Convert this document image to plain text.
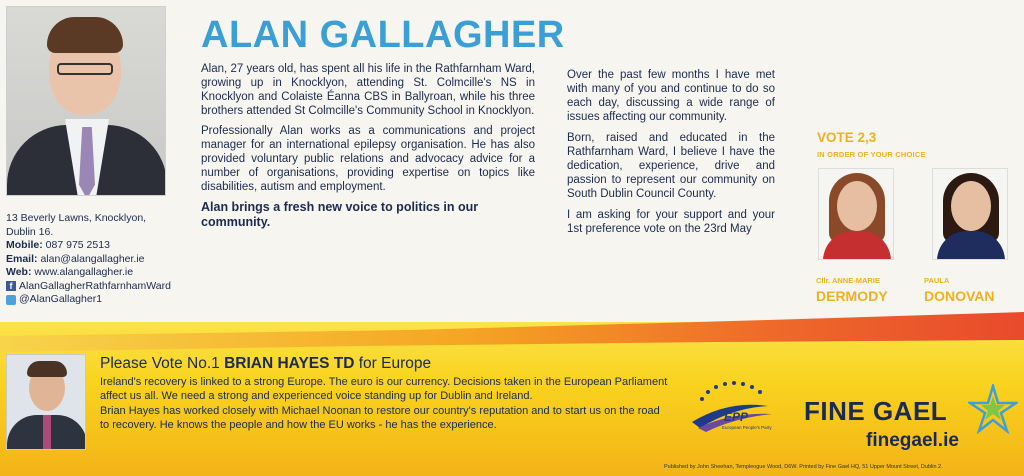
13 Beverly Lawns, Knocklyon,
Dublin 16.
Mobile: 087 975 2513
Email: alan@alangallagher.ie
Web: www.alangallagher.ie
f AlanGallagherRathfarnhamWard
@AlanGallagher1
ALAN GALLAGHER

Alan, 27 years old, has spent all his life in the Rathfarnham Ward, growing up in Knocklyon, attending St. Colmcille's NS in Knocklyon and Colaiste Éanna CBS in Ballyroan, while his three brothers attended St Colmcille's Community School in Knocklyon.

Professionally Alan works as a communications and project manager for an international epilepsy organisation. He has also provided voluntary public relations and advocacy advice for a number of organisations, providing expertise on topics like disabilities, autism and employment.

Alan brings a fresh new voice to politics in our community.

Over the past few months I have met with many of you and continue to do so each day, discussing a wide range of issues affecting our community.

Born, raised and educated in the Rathfarnham Ward, I believe I have the dedication, experience, drive and passion to represent our community on South Dublin Council County.

I am asking for your support and your 1st preference vote on the 23rd May

VOTE 2,3
IN ORDER OF YOUR CHOICE
Cllr. ANNE-MARIE
DERMODY
PAULA
DONOVAN
Please Vote No.1 BRIAN HAYES TD for Europe

Ireland's recovery is linked to a strong Europe. The euro is our currency. Decisions taken in the European Parliament affect us all. We need a strong and experienced voice standing up for Dublin and Ireland.

Brian Hayes has worked closely with Michael Noonan to restore our country's reputation and to start us on the road to recovery. He knows the people and how the EU works - he has the experience.

EPP
European People's Party
FINE GAEL
finegael.ie
Published by John Sheehan, Templeogue Wood, D6W. Printed by Fine Gael HQ, 51 Upper Mount Street, Dublin 2.
